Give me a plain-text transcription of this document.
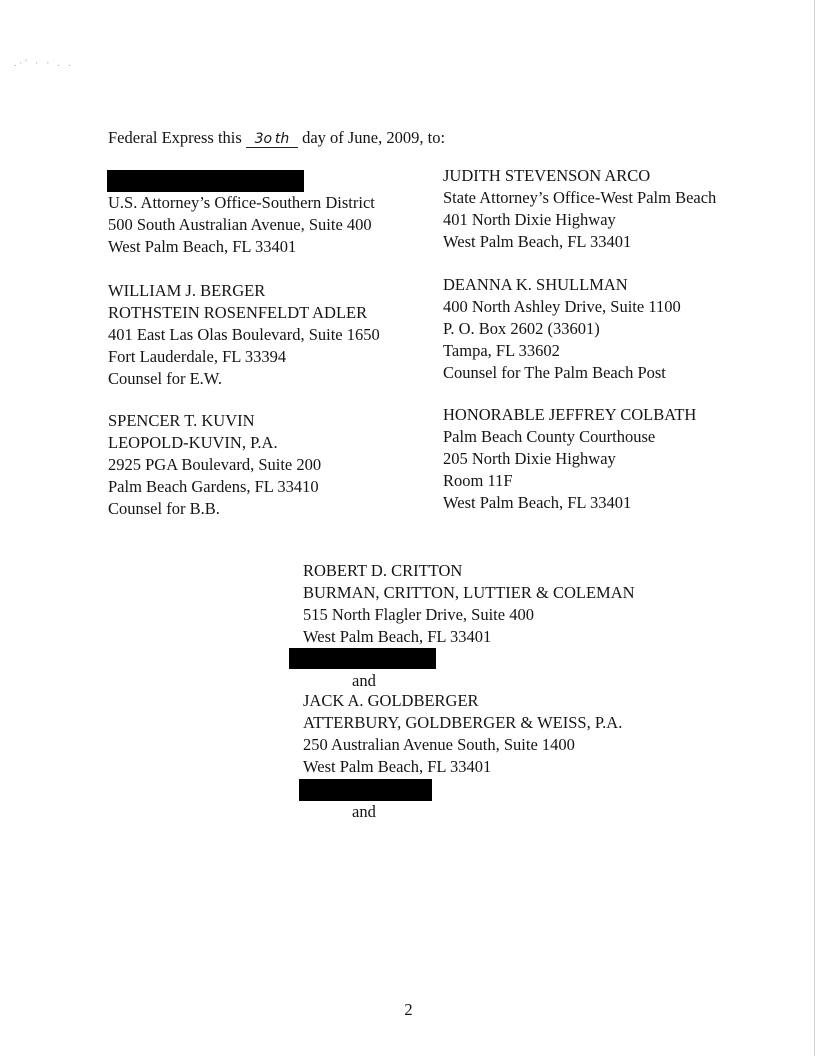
.·' · · . .
Federal Express this 3o th day of June, 2009, to:
U.S. Attorney’s Office-Southern District
500 South Australian Avenue, Suite 400
West Palm Beach, FL 33401
WILLIAM J. BERGER
ROTHSTEIN ROSENFELDT ADLER
401 East Las Olas Boulevard, Suite 1650
Fort Lauderdale, FL 33394
Counsel for E.W.
SPENCER T. KUVIN
LEOPOLD-KUVIN, P.A.
2925 PGA Boulevard, Suite 200
Palm Beach Gardens, FL 33410
Counsel for B.B.
JUDITH STEVENSON ARCO
State Attorney’s Office-West Palm Beach
401 North Dixie Highway
West Palm Beach, FL 33401
DEANNA K. SHULLMAN
400 North Ashley Drive, Suite 1100
P. O. Box 2602 (33601)
Tampa, FL 33602
Counsel for The Palm Beach Post
HONORABLE JEFFREY COLBATH
Palm Beach County Courthouse
205 North Dixie Highway
Room 11F
West Palm Beach, FL 33401
ROBERT D. CRITTON
BURMAN, CRITTON, LUTTIER & COLEMAN
515 North Flagler Drive, Suite 400
West Palm Beach, FL 33401
and
JACK A. GOLDBERGER
ATTERBURY, GOLDBERGER & WEISS, P.A.
250 Australian Avenue South, Suite 1400
West Palm Beach, FL 33401
and
2
